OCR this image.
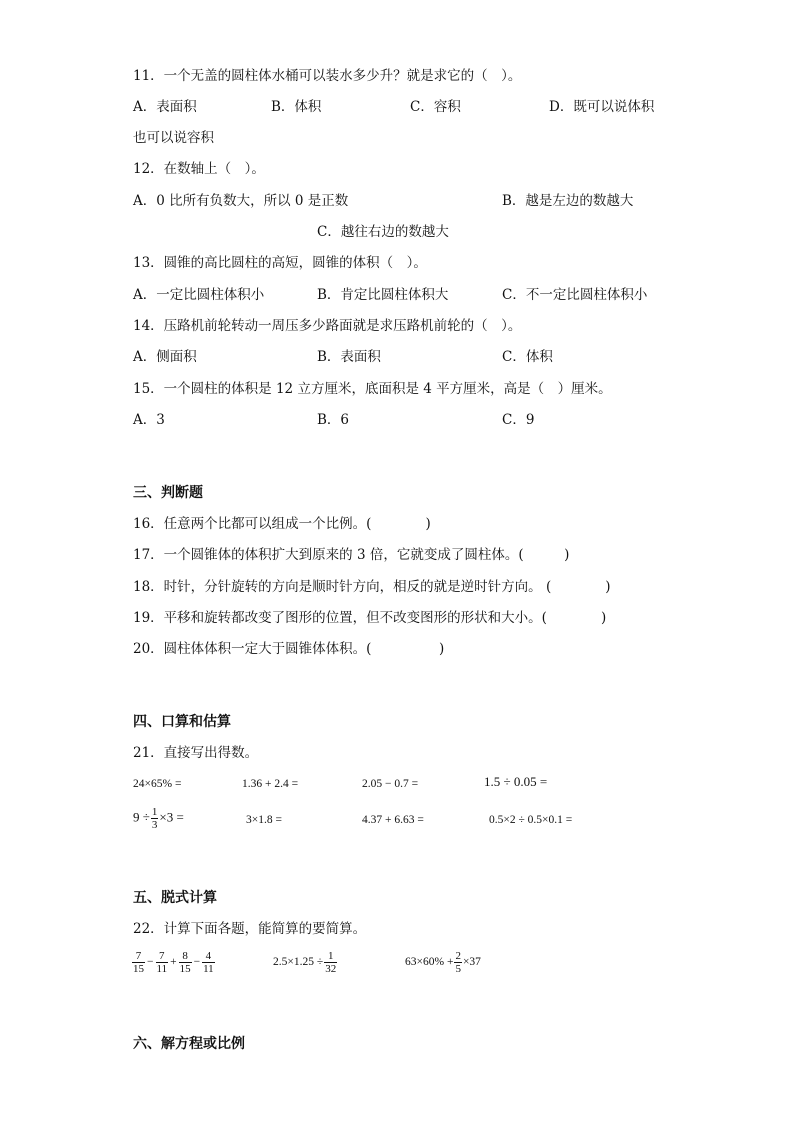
11．一个无盖的圆柱体水桶可以装水多少升？就是求它的（　）。
A．表面积	B．体积	C．容积	D．既可以说体积
也可以说容积
12．在数轴上（　）。
A．0 比所有负数大，所以 0 是正数	B．越是左边的数越大
C．越往右边的数越大
13．圆锥的高比圆柱的高短，圆锥的体积（　）。
A．一定比圆柱体积小	B．肯定比圆柱体积大	C．不一定比圆柱体积小
14．压路机前轮转动一周压多少路面就是求压路机前轮的（　）。
A．侧面积	B．表面积	C．体积
15．一个圆柱的体积是 12 立方厘米，底面积是 4 平方厘米，高是（　）厘米。
A．3	B．6	C．9
三、判断题
16．任意两个比都可以组成一个比例。(　　　　)
17．一个圆锥体的体积扩大到原来的 3 倍，它就变成了圆柱体。(　　　)
18．时针，分针旋转的方向是顺时针方向，相反的就是逆时针方向。 (　　　　)
19．平移和旋转都改变了图形的位置，但不改变图形的形状和大小。(　　　　)
20．圆柱体体积一定大于圆锥体体积。(　　　　　)
四、口算和估算
21．直接写出得数。
24×65% =	1.36 + 2.4 =	2.05 − 0.7 =	1.5 ÷ 0.05 =
$9 \div \frac{1}{3} \times 3$ =	3×1.8 =	4.37 + 6.63 =	0.5×2 ÷ 0.5×0.1 =
五、脱式计算
22．计算下面各题，能简算的要简算。
$\frac{7}{15} - \frac{7}{11} + \frac{8}{15} - \frac{4}{11}$	$2.5\times 1.25 \div \frac{1}{32}$	$63\times 60\% + \frac{2}{5} \times 37$
六、解方程或比例
